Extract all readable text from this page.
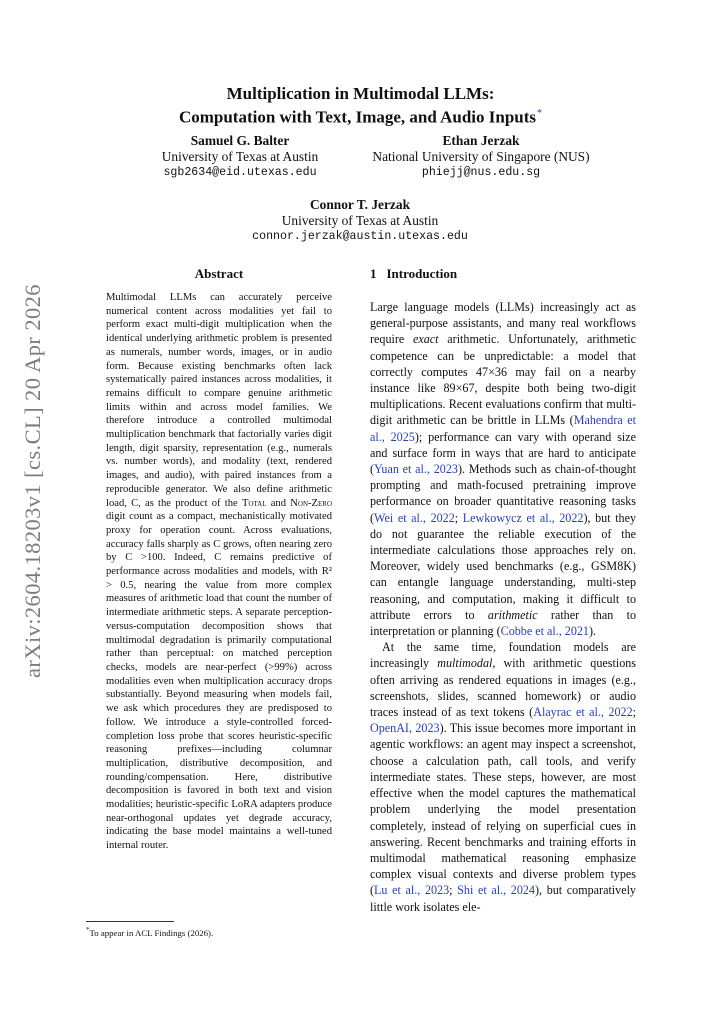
arXiv:2604.18203v1 [cs.CL] 20 Apr 2026
Multiplication in Multimodal LLMs:
Computation with Text, Image, and Audio Inputs*
Samuel G. Balter
University of Texas at Austin
sgb2634@eid.utexas.edu
Ethan Jerzak
National University of Singapore (NUS)
phiejj@nus.edu.sg
Connor T. Jerzak
University of Texas at Austin
connor.jerzak@austin.utexas.edu
Abstract	1 Introduction
Multimodal LLMs can accurately perceive numerical content across modalities yet fail to perform exact multi-digit multiplication when the identical underlying arithmetic problem is presented as numerals, number words, images, or in audio form. Because existing benchmarks often lack systematically paired instances across modalities, it remains difficult to compare genuine arithmetic limits within and across model families. We therefore introduce a controlled multimodal multiplication benchmark that factorially varies digit length, digit sparsity, representation (e.g., numerals vs. number words), and modality (text, rendered images, and audio), with paired instances from a reproducible generator. We also define arithmetic load, C, as the product of the Total and Non-Zero digit count as a compact, mechanistically motivated proxy for operation count. Across evaluations, accuracy falls sharply as C grows, often nearing zero by C >100. Indeed, C remains predictive of performance across modalities and models, with R² > 0.5, nearing the value from more complex measures of arithmetic load that count the number of intermediate arithmetic steps. A separate perception-versus-computation decomposition shows that multimodal degradation is primarily computational rather than perceptual: on matched perception checks, models are near-perfect (>99%) across modalities even when multiplication accuracy drops substantially. Beyond measuring when models fail, we ask which procedures they are predisposed to follow. We introduce a style-controlled forced-completion loss probe that scores heuristic-specific reasoning prefixes—including columnar multiplication, distributive decomposition, and rounding/compensation. Here, distributive decomposition is favored in both text and vision modalities; heuristic-specific LoRA adapters produce near-orthogonal updates yet degrade accuracy, indicating the base model maintains a well-tuned internal router.

Large language models (LLMs) increasingly act as general-purpose assistants, and many real workflows require exact arithmetic. Unfortunately, arithmetic competence can be unpredictable: a model that correctly computes 47×36 may fail on a nearby instance like 89×67, despite both being two-digit multiplications. Recent evaluations confirm that multi-digit arithmetic can be brittle in LLMs (Mahendra et al., 2025); performance can vary with operand size and surface form in ways that are hard to anticipate (Yuan et al., 2023). Methods such as chain-of-thought prompting and math-focused pretraining improve performance on broader quantitative reasoning tasks (Wei et al., 2022; Lewkowycz et al., 2022), but they do not guarantee the reliable execution of the intermediate calculations those approaches rely on. Moreover, widely used benchmarks (e.g., GSM8K) can entangle language understanding, multi-step reasoning, and computation, making it difficult to attribute errors to arithmetic rather than to interpretation or planning (Cobbe et al., 2021).

At the same time, foundation models are increasingly multimodal, with arithmetic questions often arriving as rendered equations in images (e.g., screenshots, slides, scanned homework) or audio traces instead of as text tokens (Alayrac et al., 2022; OpenAI, 2023). This issue becomes more important in agentic workflows: an agent may inspect a screenshot, choose a calculation path, call tools, and verify intermediate states. These steps, however, are most effective when the model captures the mathematical problem underlying the model presentation completely, instead of relying on superficial cues in answering. Recent benchmarks and training efforts in multimodal mathematical reasoning emphasize complex visual contexts and diverse problem types (Lu et al., 2023; Shi et al., 2024), but comparatively little work isolates ele-

*To appear in ACL Findings (2026).
